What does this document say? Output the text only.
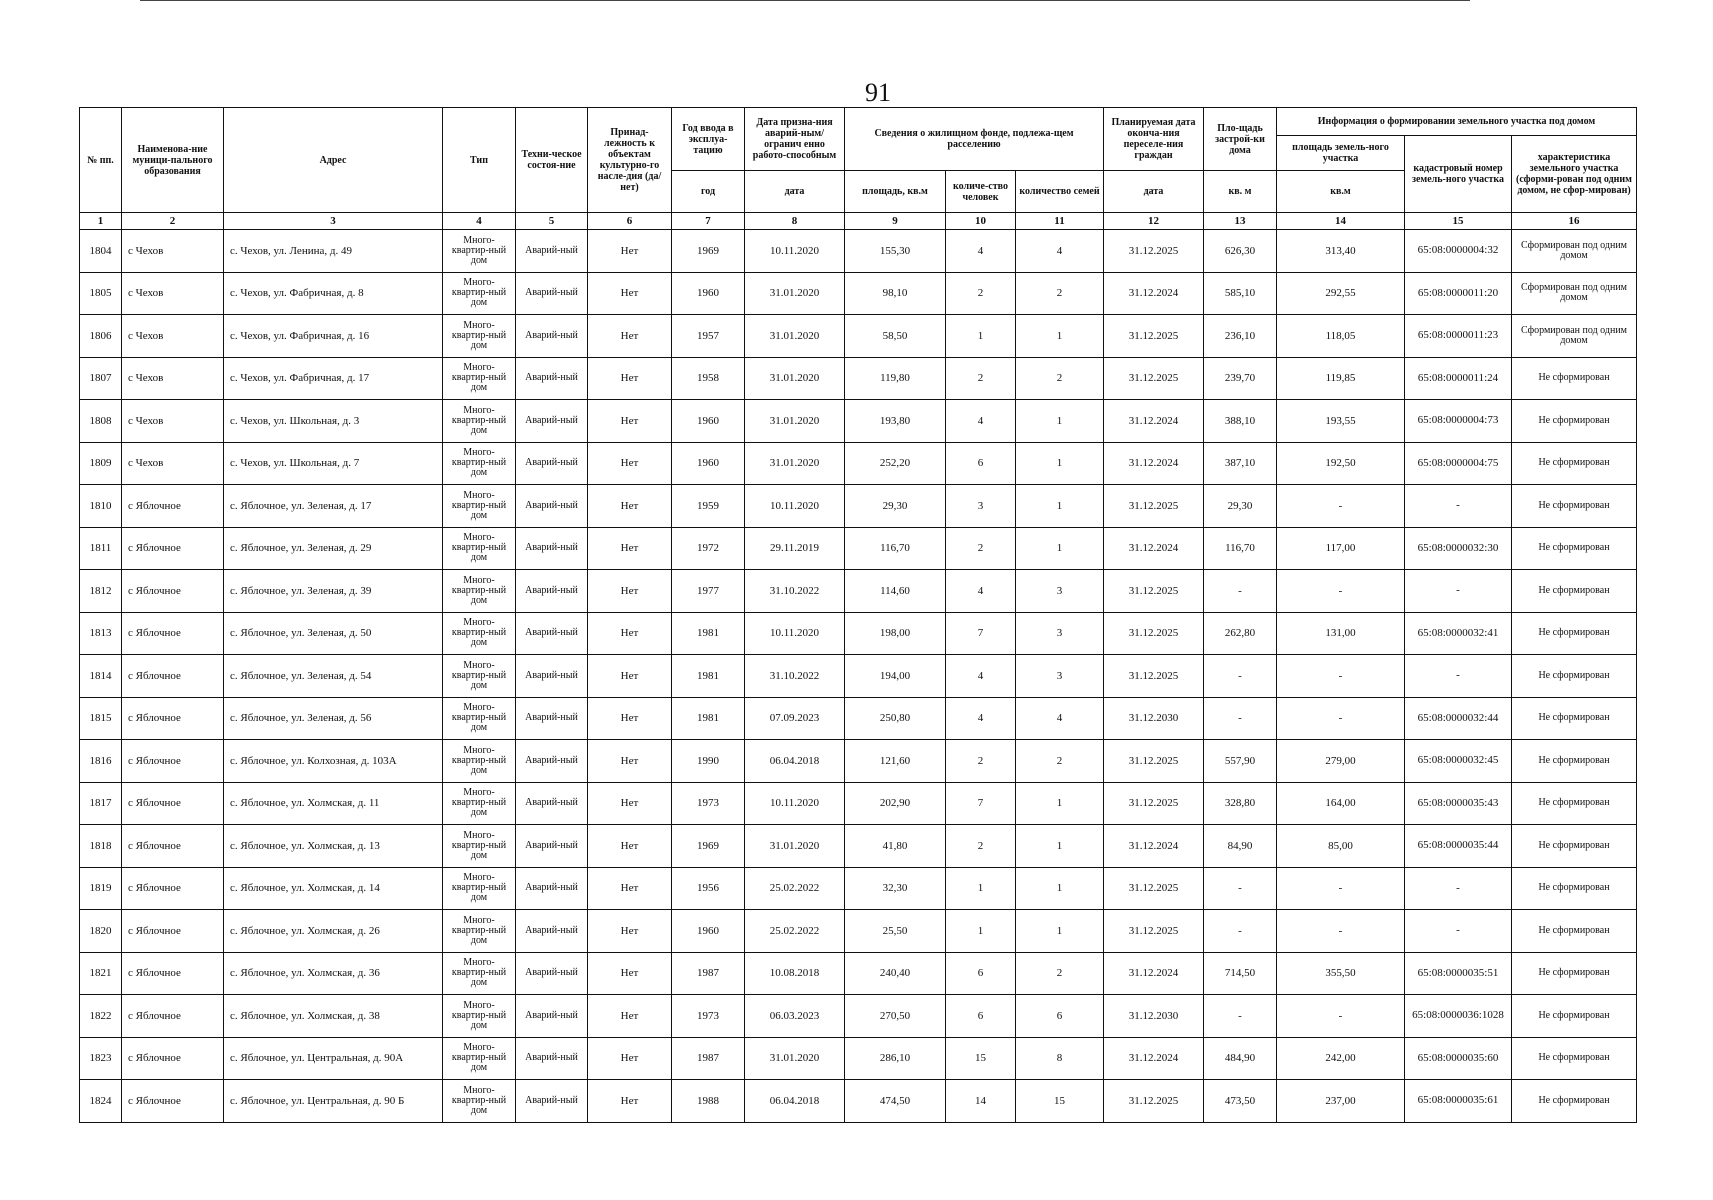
91
№ пп.	Наименова-ние муници-пального образования	Адрес	Тип	Техни-ческое состоя-ние	Принад-лежность к объектам культурно-го насле-дия (да/нет)	Год ввода в эксплуа-тацию	Дата призна-ния аварий-ным/огранич енно работо-способным	Сведения о жилищном фонде, подлежа-щем расселению			Планируемая дата оконча-ния переселе-ния граждан	Пло-щадь застрой-ки дома	Информация о формировании земельного участка под домом		
													площадь земель-ного участка	кадастровый номер земель-ного участка	характеристика земельного участка (сформи-рован под одним домом, не сфор-мирован)
						год	дата	площадь, кв.м	количе-ство человек	количество семей	дата	кв. м	кв.м		
1	2	3	4	5	6	7	8	9	10	11	12	13	14	15	16
1804	с Чехов	с. Чехов, ул. Ленина, д. 49	Много-квартир-ный дом	Аварий-ный	Нет	1969	10.11.2020	155,30	4	4	31.12.2025	626,30	313,40	65:08:0000004:32	Сформирован под одним домом
1805	с Чехов	с. Чехов, ул. Фабричная, д. 8	Много-квартир-ный дом	Аварий-ный	Нет	1960	31.01.2020	98,10	2	2	31.12.2024	585,10	292,55	65:08:0000011:20	Сформирован под одним домом
1806	с Чехов	с. Чехов, ул. Фабричная, д. 16	Много-квартир-ный дом	Аварий-ный	Нет	1957	31.01.2020	58,50	1	1	31.12.2025	236,10	118,05	65:08:0000011:23	Сформирован под одним домом
1807	с Чехов	с. Чехов, ул. Фабричная, д. 17	Много-квартир-ный дом	Аварий-ный	Нет	1958	31.01.2020	119,80	2	2	31.12.2025	239,70	119,85	65:08:0000011:24	Не сформирован
1808	с Чехов	с. Чехов, ул. Школьная, д. 3	Много-квартир-ный дом	Аварий-ный	Нет	1960	31.01.2020	193,80	4	1	31.12.2024	388,10	193,55	65:08:0000004:73	Не сформирован
1809	с Чехов	с. Чехов, ул. Школьная, д. 7	Много-квартир-ный дом	Аварий-ный	Нет	1960	31.01.2020	252,20	6	1	31.12.2024	387,10	192,50	65:08:0000004:75	Не сформирован
1810	с Яблочное	с. Яблочное, ул. Зеленая, д. 17	Много-квартир-ный дом	Аварий-ный	Нет	1959	10.11.2020	29,30	3	1	31.12.2025	29,30	-	-	Не сформирован
1811	с Яблочное	с. Яблочное, ул. Зеленая, д. 29	Много-квартир-ный дом	Аварий-ный	Нет	1972	29.11.2019	116,70	2	1	31.12.2024	116,70	117,00	65:08:0000032:30	Не сформирован
1812	с Яблочное	с. Яблочное, ул. Зеленая, д. 39	Много-квартир-ный дом	Аварий-ный	Нет	1977	31.10.2022	114,60	4	3	31.12.2025	-	-	-	Не сформирован
1813	с Яблочное	с. Яблочное, ул. Зеленая, д. 50	Много-квартир-ный дом	Аварий-ный	Нет	1981	10.11.2020	198,00	7	3	31.12.2025	262,80	131,00	65:08:0000032:41	Не сформирован
1814	с Яблочное	с. Яблочное, ул. Зеленая, д. 54	Много-квартир-ный дом	Аварий-ный	Нет	1981	31.10.2022	194,00	4	3	31.12.2025	-	-	-	Не сформирован
1815	с Яблочное	с. Яблочное, ул. Зеленая, д. 56	Много-квартир-ный дом	Аварий-ный	Нет	1981	07.09.2023	250,80	4	4	31.12.2030	-	-	65:08:0000032:44	Не сформирован
1816	с Яблочное	с. Яблочное, ул. Колхозная, д. 103А	Много-квартир-ный дом	Аварий-ный	Нет	1990	06.04.2018	121,60	2	2	31.12.2025	557,90	279,00	65:08:0000032:45	Не сформирован
1817	с Яблочное	с. Яблочное, ул. Холмская, д. 11	Много-квартир-ный дом	Аварий-ный	Нет	1973	10.11.2020	202,90	7	1	31.12.2025	328,80	164,00	65:08:0000035:43	Не сформирован
1818	с Яблочное	с. Яблочное, ул. Холмская, д. 13	Много-квартир-ный дом	Аварий-ный	Нет	1969	31.01.2020	41,80	2	1	31.12.2024	84,90	85,00	65:08:0000035:44	Не сформирован
1819	с Яблочное	с. Яблочное, ул. Холмская, д. 14	Много-квартир-ный дом	Аварий-ный	Нет	1956	25.02.2022	32,30	1	1	31.12.2025	-	-	-	Не сформирован
1820	с Яблочное	с. Яблочное, ул. Холмская, д. 26	Много-квартир-ный дом	Аварий-ный	Нет	1960	25.02.2022	25,50	1	1	31.12.2025	-	-	-	Не сформирован
1821	с Яблочное	с. Яблочное, ул. Холмская, д. 36	Много-квартир-ный дом	Аварий-ный	Нет	1987	10.08.2018	240,40	6	2	31.12.2024	714,50	355,50	65:08:0000035:51	Не сформирован
1822	с Яблочное	с. Яблочное, ул. Холмская, д. 38	Много-квартир-ный дом	Аварий-ный	Нет	1973	06.03.2023	270,50	6	6	31.12.2030	-	-	65:08:0000036:1028	Не сформирован
1823	с Яблочное	с. Яблочное, ул. Центральная, д. 90А	Много-квартир-ный дом	Аварий-ный	Нет	1987	31.01.2020	286,10	15	8	31.12.2024	484,90	242,00	65:08:0000035:60	Не сформирован
1824	с Яблочное	с. Яблочное, ул. Центральная, д. 90 Б	Много-квартир-ный дом	Аварий-ный	Нет	1988	06.04.2018	474,50	14	15	31.12.2025	473,50	237,00	65:08:0000035:61	Не сформирован
